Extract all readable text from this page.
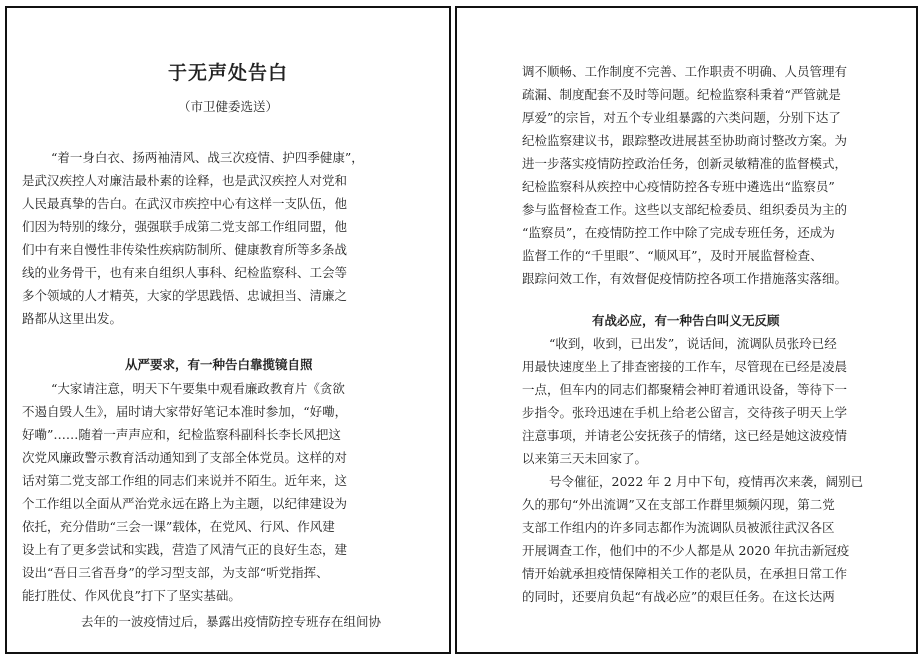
于无声处告白
（市卫健委选送）
“着一身白衣、扬两袖清风、战三次疫情、护四季健康”，
是武汉疾控人对廉洁最朴素的诠释，也是武汉疾控人对党和
人民最真挚的告白。在武汉市疾控中心有这样一支队伍，他
们因为特别的缘分，强强联手成第二党支部工作组同盟，他
们中有来自慢性非传染性疾病防制所、健康教育所等多条战
线的业务骨干，也有来自组织人事科、纪检监察科、工会等
多个领域的人才精英，大家的学思践悟、忠诚担当、清廉之
路都从这里出发。
从严要求，有一种告白靠揽镜自照
“大家请注意，明天下午要集中观看廉政教育片《贪欲
不遏自毁人生》，届时请大家带好笔记本准时参加，“好嘞，
好嘞”……随着一声声应和，纪检监察科副科长李长风把这
次党风廉政警示教育活动通知到了支部全体党员。这样的对
话对第二党支部工作组的同志们来说并不陌生。近年来，这
个工作组以全面从严治党永远在路上为主题，以纪律建设为
依托，充分借助“三会一课”载体，在党风、行风、作风建
设上有了更多尝试和实践，营造了风清气正的良好生态，建
设出“吾日三省吾身”的学习型支部，为支部“听党指挥、
能打胜仗、作风优良”打下了坚实基础。
去年的一波疫情过后，暴露出疫情防控专班存在组间协
调不顺畅、工作制度不完善、工作职责不明确、人员管理有
疏漏、制度配套不及时等问题。纪检监察科秉着“严管就是
厚爱”的宗旨，对五个专业组暴露的六类问题，分别下达了
纪检监察建议书，跟踪整改进展甚至协助商讨整改方案。为
进一步落实疫情防控政治任务，创新灵敏精准的监督模式，
纪检监察科从疾控中心疫情防控各专班中遴选出“监察员”
参与监督检查工作。这些以支部纪检委员、组织委员为主的
“监察员”，在疫情防控工作中除了完成专班任务，还成为
监督工作的“千里眼”、“顺风耳”，及时开展监督检查、
跟踪问效工作，有效督促疫情防控各项工作措施落实落细。
有战必应，有一种告白叫义无反顾
“收到，收到，已出发”，说话间，流调队员张玲已经
用最快速度坐上了排查密接的工作车，尽管现在已经是凌晨
一点，但车内的同志们都聚精会神盯着通讯设备，等待下一
步指令。张玲迅速在手机上给老公留言，交待孩子明天上学
注意事项，并请老公安抚孩子的情绪，这已经是她这波疫情
以来第三天未回家了。
号令催征，2022 年 2 月中下旬，疫情再次来袭，阔别已
久的那句“外出流调”又在支部工作群里频频闪现，第二党
支部工作组内的许多同志都作为流调队员被派往武汉各区
开展调查工作，他们中的不少人都是从 2020 年抗击新冠疫
情开始就承担疫情保障相关工作的老队员，在承担日常工作
的同时，还要肩负起“有战必应”的艰巨任务。在这长达两
